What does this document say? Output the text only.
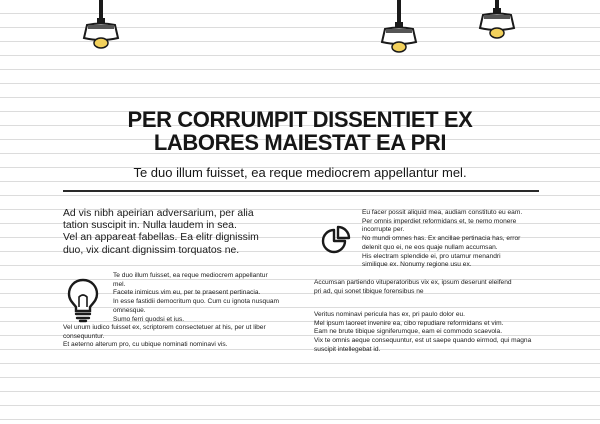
PER CORRUMPIT DISSENTIET EX
LABORES MAIESTAT EA PRI

Te duo illum fuisset, ea reque mediocrem appellantur mel.

Ad vis nibh apeirian adversarium, per alia
tation suscipit in. Nulla laudem in sea.
Vel an appareat fabellas. Ea elitr dignissim
duo, vix dicant dignissim torquatos ne.

Te duo illum fuisset, ea reque mediocrem appellantur
mel.
Facete inimicus vim eu, per te praesent pertinacia.
In esse fastidii democritum quo. Cum cu ignota nusquam
omnesque.
Sumo ferri quodsi et ius.
Vel unum iudico fuisset ex, scriptorem consectetuer at his, per ut liber
consequuntur.
Et aeterno alterum pro, cu ubique nominati nominavi vis.
Eu facer possit aliquid mea, audiam constituto eu eam.
Per omnis imperdiet reformidans et, te nemo monere
incorrupte per.
No mundi omnes has. Ex ancillae pertinacia has, error
delenit quo ei, ne eos quaje nullam accumsan.
His electram splendide ei, pro utamur menandri
similique ex. Nonumy regione usu ex.
Accumsan partiendo vituperatoribus vix ex, ipsum deserunt eleifend
pri ad, qui sonet tibique forensibus ne
Veritus nominavi pericula has ex, pri paulo dolor eu.
Mel ipsum laoreet invenire ea, cibo repudiare reformidans et vim.
Eam ne brute tibique signiferumque, eam ei commodo scaevola.
Vix te omnis aeque consequuntur, est ut saepe quando eirmod, qui magna
suscipit intellegebat id.
